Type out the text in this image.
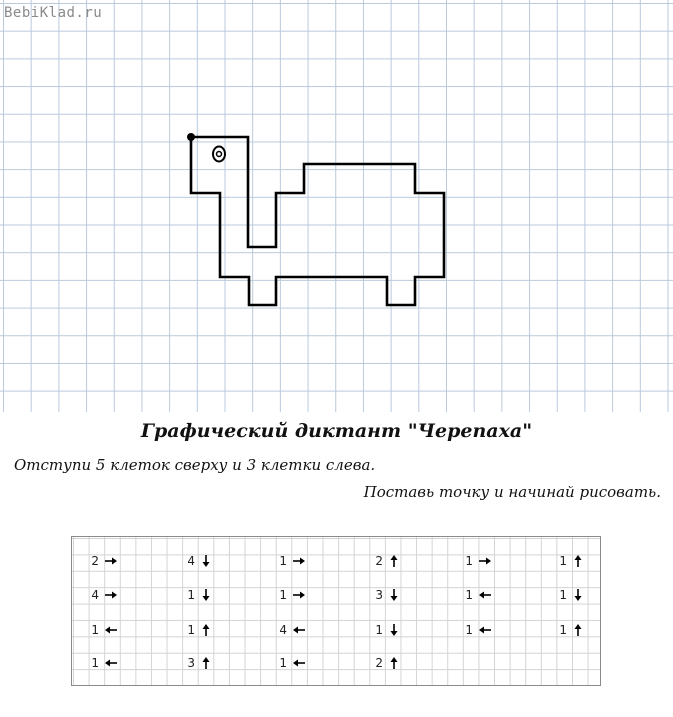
BebiKlad.ru
Графический диктант "Черепаха"
Отступи 5 клеток сверху и 3 клетки слева.
Поставь точку и начинай рисовать.
2
4
1
1
4
1
1
3
1
1
4
1
2
3
1
2
1
1
1
1
1
1
